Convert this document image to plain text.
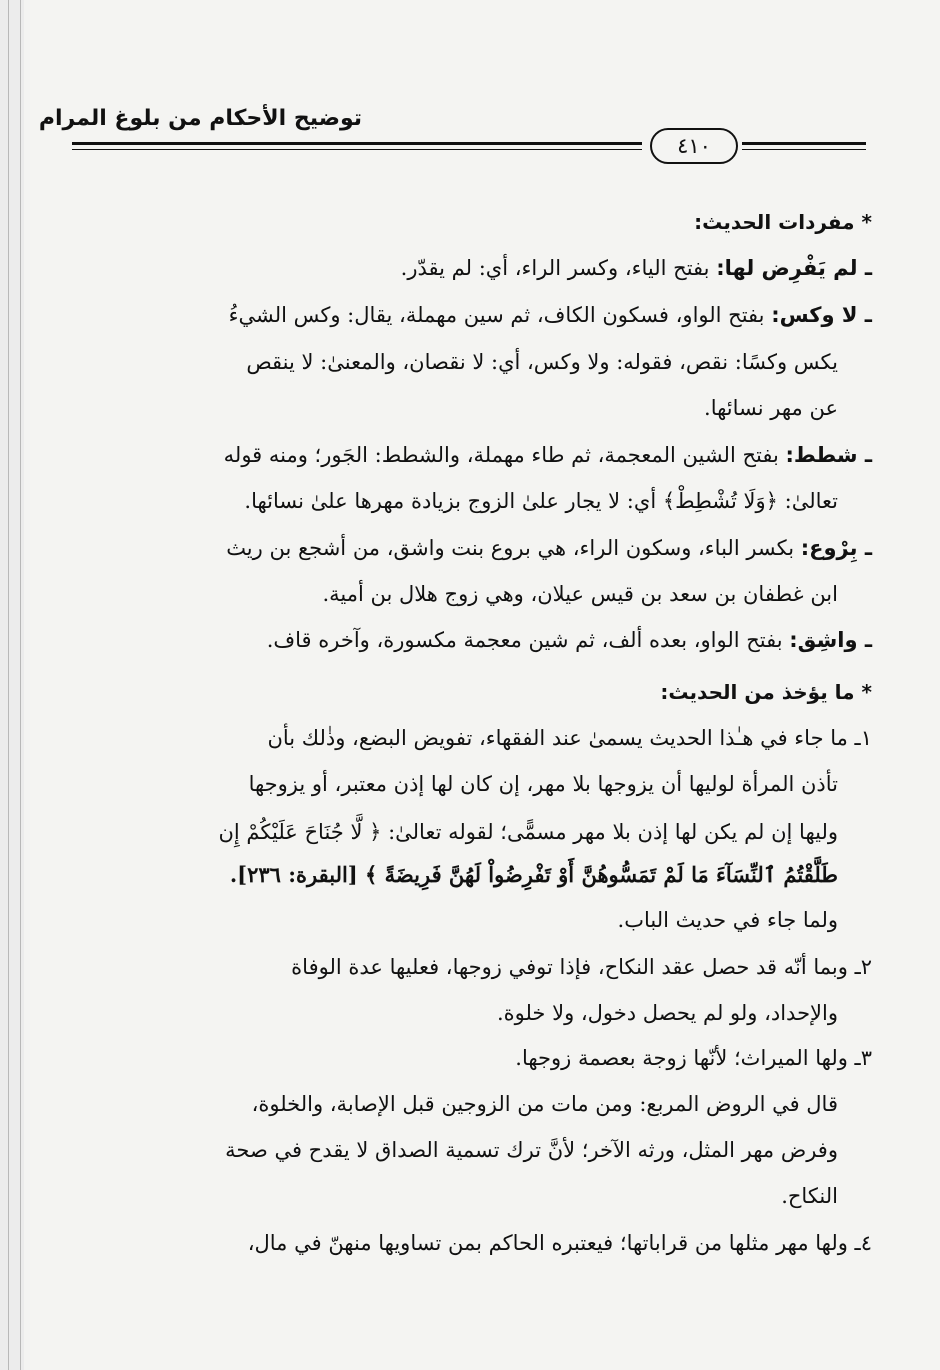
توضيح الأحكام من بلوغ المرام
٤١٠
* مفردات الحديث:
ـ لم يَفْرِض لها: بفتح الياء، وكسر الراء، أي: لم يقدّر.
ـ لا وكس: بفتح الواو، فسكون الكاف، ثم سين مهملة، يقال: وكس الشيءُ
يكس وكسًا: نقص، فقوله: ولا وكس، أي: لا نقصان، والمعنىٰ: لا ينقص
عن مهر نسائها.
ـ شطط: بفتح الشين المعجمة، ثم طاء مهملة، والشطط: الجَور؛ ومنه قوله
تعالىٰ: ﴿وَلَا تُشْطِطْ﴾ أي: لا يجار علىٰ الزوج بزيادة مهرها علىٰ نسائها.
ـ بِرْوع: بكسر الباء، وسكون الراء، هي بروع بنت واشق، من أشجع بن ريث
ابن غطفان بن سعد بن قيس عيلان، وهي زوج هلال بن أمية.
ـ واشِق: بفتح الواو، بعده ألف، ثم شين معجمة مكسورة، وآخره قاف.
* ما يؤخذ من الحديث:
١ـ ما جاء في هـٰذا الحديث يسمىٰ عند الفقهاء، تفويض البضع، وذٰلك بأن
تأذن المرأة لوليها أن يزوجها بلا مهر، إن كان لها إذن معتبر، أو يزوجها
وليها إن لم يكن لها إذن بلا مهر مسمًّى؛ لقوله تعالىٰ: ﴿ لَّا جُنَاحَ عَلَيْكُمْ إِن
طَلَّقْتُمُ ٱلنِّسَآءَ مَا لَمْ تَمَسُّوهُنَّ أَوْ تَفْرِضُواْ لَهُنَّ فَرِيضَةً ﴾ [البقرة: ٢٣٦].
ولما جاء في حديث الباب.
٢ـ وبما أنّه قد حصل عقد النكاح، فإذا توفي زوجها، فعليها عدة الوفاة
والإحداد، ولو لم يحصل دخول، ولا خلوة.
٣ـ ولها الميراث؛ لأنّها زوجة بعصمة زوجها.
قال في الروض المربع: ومن مات من الزوجين قبل الإصابة، والخلوة،
وفرض مهر المثل، ورثه الآخر؛ لأنَّ ترك تسمية الصداق لا يقدح في صحة
النكاح.
٤ـ ولها مهر مثلها من قراباتها؛ فيعتبره الحاكم بمن تساويها منهنّ في مال،
